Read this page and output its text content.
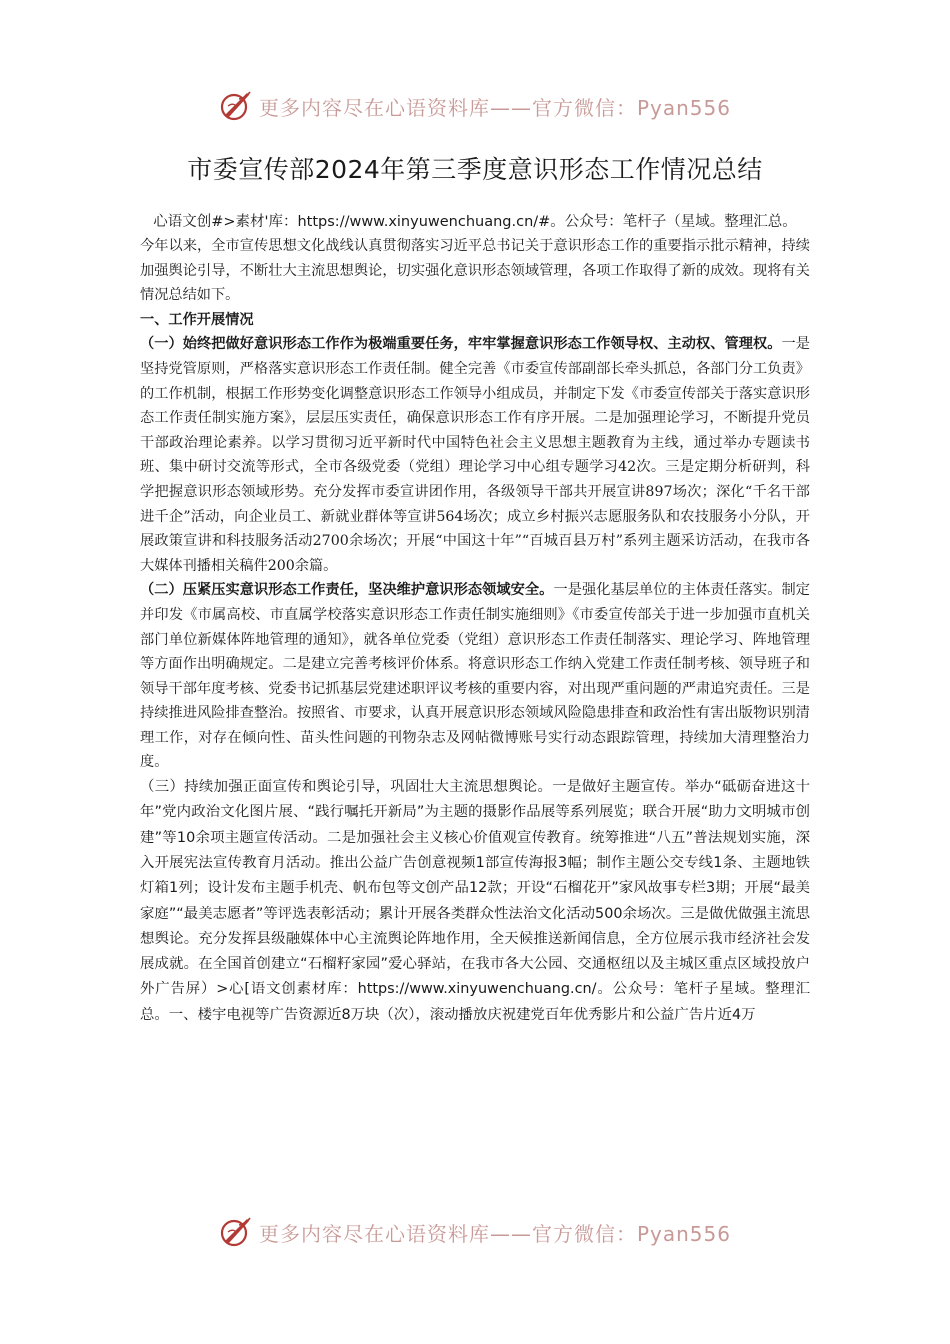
更多内容尽在心语资料库——官方微信：Pyan556
市委宣传部2024年第三季度意识形态工作情况总结
心语文创#>素材'库：https://www.xinyuwenchuang.cn/#。公众号：笔杆子（星域。整理汇总。

今年以来，全市宣传思想文化战线认真贯彻落实习近平总书记关于意识形态工作的重要指示批示精神，持续加强舆论引导，不断壮大主流思想舆论，切实强化意识形态领域管理，各项工作取得了新的成效。现将有关情况总结如下。

一、工作开展情况

（一）始终把做好意识形态工作作为极端重要任务，牢牢掌握意识形态工作领导权、主动权、管理权。一是坚持党管原则，严格落实意识形态工作责任制。健全完善《市委宣传部副部长牵头抓总，各部门分工负责》的工作机制，根据工作形势变化调整意识形态工作领导小组成员，并制定下发《市委宣传部关于落实意识形态工作责任制实施方案》，层层压实责任，确保意识形态工作有序开展。二是加强理论学习，不断提升党员干部政治理论素养。以学习贯彻习近平新时代中国特色社会主义思想主题教育为主线，通过举办专题读书班、集中研讨交流等形式，全市各级党委（党组）理论学习中心组专题学习42次。三是定期分析研判，科学把握意识形态领域形势。充分发挥市委宣讲团作用，各级领导干部共开展宣讲897场次；深化“千名干部进千企”活动，向企业员工、新就业群体等宣讲564场次；成立乡村振兴志愿服务队和农技服务小分队，开展政策宣讲和科技服务活动2700余场次；开展“中国这十年”“百城百县万村”系列主题采访活动，在我市各大媒体刊播相关稿件200余篇。

（二）压紧压实意识形态工作责任，坚决维护意识形态领域安全。一是强化基层单位的主体责任落实。制定并印发《市属高校、市直属学校落实意识形态工作责任制实施细则》《市委宣传部关于进一步加强市直机关部门单位新媒体阵地管理的通知》，就各单位党委（党组）意识形态工作责任制落实、理论学习、阵地管理等方面作出明确规定。二是建立完善考核评价体系。将意识形态工作纳入党建工作责任制考核、领导班子和领导干部年度考核、党委书记抓基层党建述职评议考核的重要内容，对出现严重问题的严肃追究责任。三是持续推进风险排查整治。按照省、市要求，认真开展意识形态领域风险隐患排查和政治性有害出版物识别清理工作，对存在倾向性、苗头性问题的刊物杂志及网帖微博账号实行动态跟踪管理，持续加大清理整治力度。

（三）持续加强正面宣传和舆论引导，巩固壮大主流思想舆论。一是做好主题宣传。举办“砥砺奋进这十年”党内政治文化图片展、“践行嘱托开新局”为主题的摄影作品展等系列展览；联合开展“助力文明城市创建”等10余项主题宣传活动。二是加强社会主义核心价值观宣传教育。统筹推进“八五”普法规划实施，深入开展宪法宣传教育月活动。推出公益广告创意视频1部宣传海报3幅；制作主题公交专线1条、主题地铁灯箱1列；设计发布主题手机壳、帆布包等文创产品12款；开设“石榴花开”家风故事专栏3期；开展“最美家庭”“最美志愿者”等评选表彰活动；累计开展各类群众性法治文化活动500余场次。三是做优做强主流思想舆论。充分发挥县级融媒体中心主流舆论阵地作用，全天候推送新闻信息，全方位展示我市经济社会发展成就。在全国首创建立“石榴籽家园”爱心驿站，在我市各大公园、交通枢纽以及主城区重点区域投放户外广告屏）>心[语文创素材库：https://www.xinyuwenchuang.cn/。公众号：笔杆子星域。整理汇总。一、楼宇电视等广告资源近8万块（次），滚动播放庆祝建党百年优秀影片和公益广告片近4万

更多内容尽在心语资料库——官方微信：Pyan556
